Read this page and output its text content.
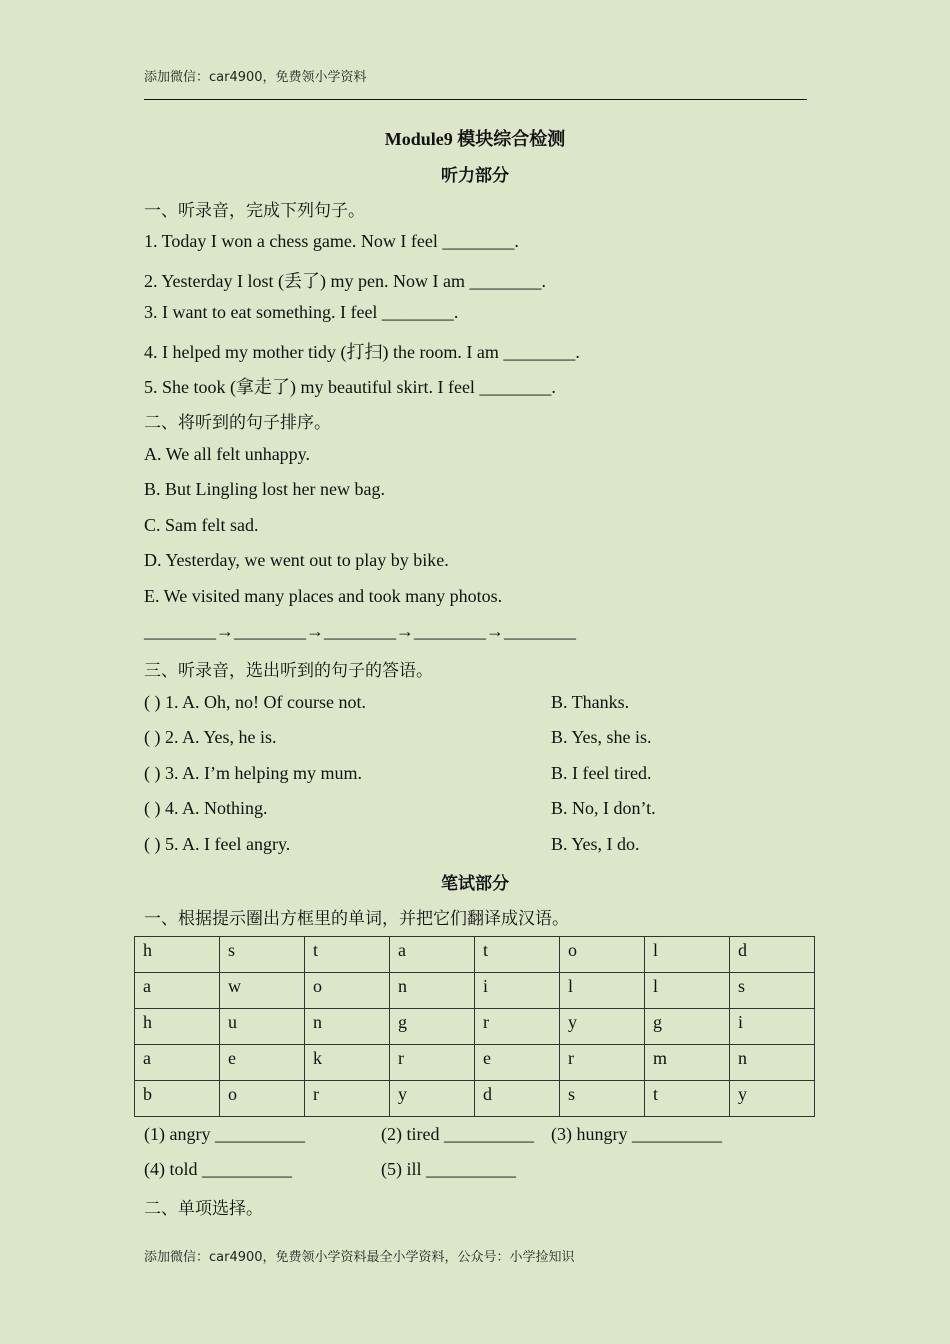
添加微信：car4900，免费领小学资料
Module9 模块综合检测
听力部分
一、听录音，完成下列句子。
1. Today I won a chess game. Now I feel ________.
2. Yesterday I lost (丢了) my pen. Now I am ________.
3. I want to eat something. I feel ________.
4. I helped my mother tidy (打扫) the room. I am ________.
5. She took (拿走了) my beautiful skirt. I feel ________.
二、将听到的句子排序。
A. We all felt unhappy.
B. But Lingling lost her new bag.
C. Sam felt sad.
D. Yesterday, we went out to play by bike.
E. We visited many places and took many photos.
________→________→________→________→________
三、听录音，选出听到的句子的答语。
( ) 1. A. Oh, no! Of course not.	B. Thanks.
( ) 2. A. Yes, he is.	B. Yes, she is.
( ) 3. A. I’m helping my mum.	B. I feel tired.
( ) 4. A. Nothing.	B. No, I don’t.
( ) 5. A. I feel angry.	B. Yes, I do.
笔试部分
一、根据提示圈出方框里的单词，并把它们翻译成汉语。
h	s	t	a	t	o	l	d
a	w	o	n	i	l	l	s
h	u	n	g	r	y	g	i
a	e	k	r	e	r	m	n
b	o	r	y	d	s	t	y
(1) angry __________	(2) tired __________ (3) hungry __________
(4) told __________	(5) ill __________
二、单项选择。
添加微信：car4900，免费领小学资料最全小学资料，公众号：小学捡知识
